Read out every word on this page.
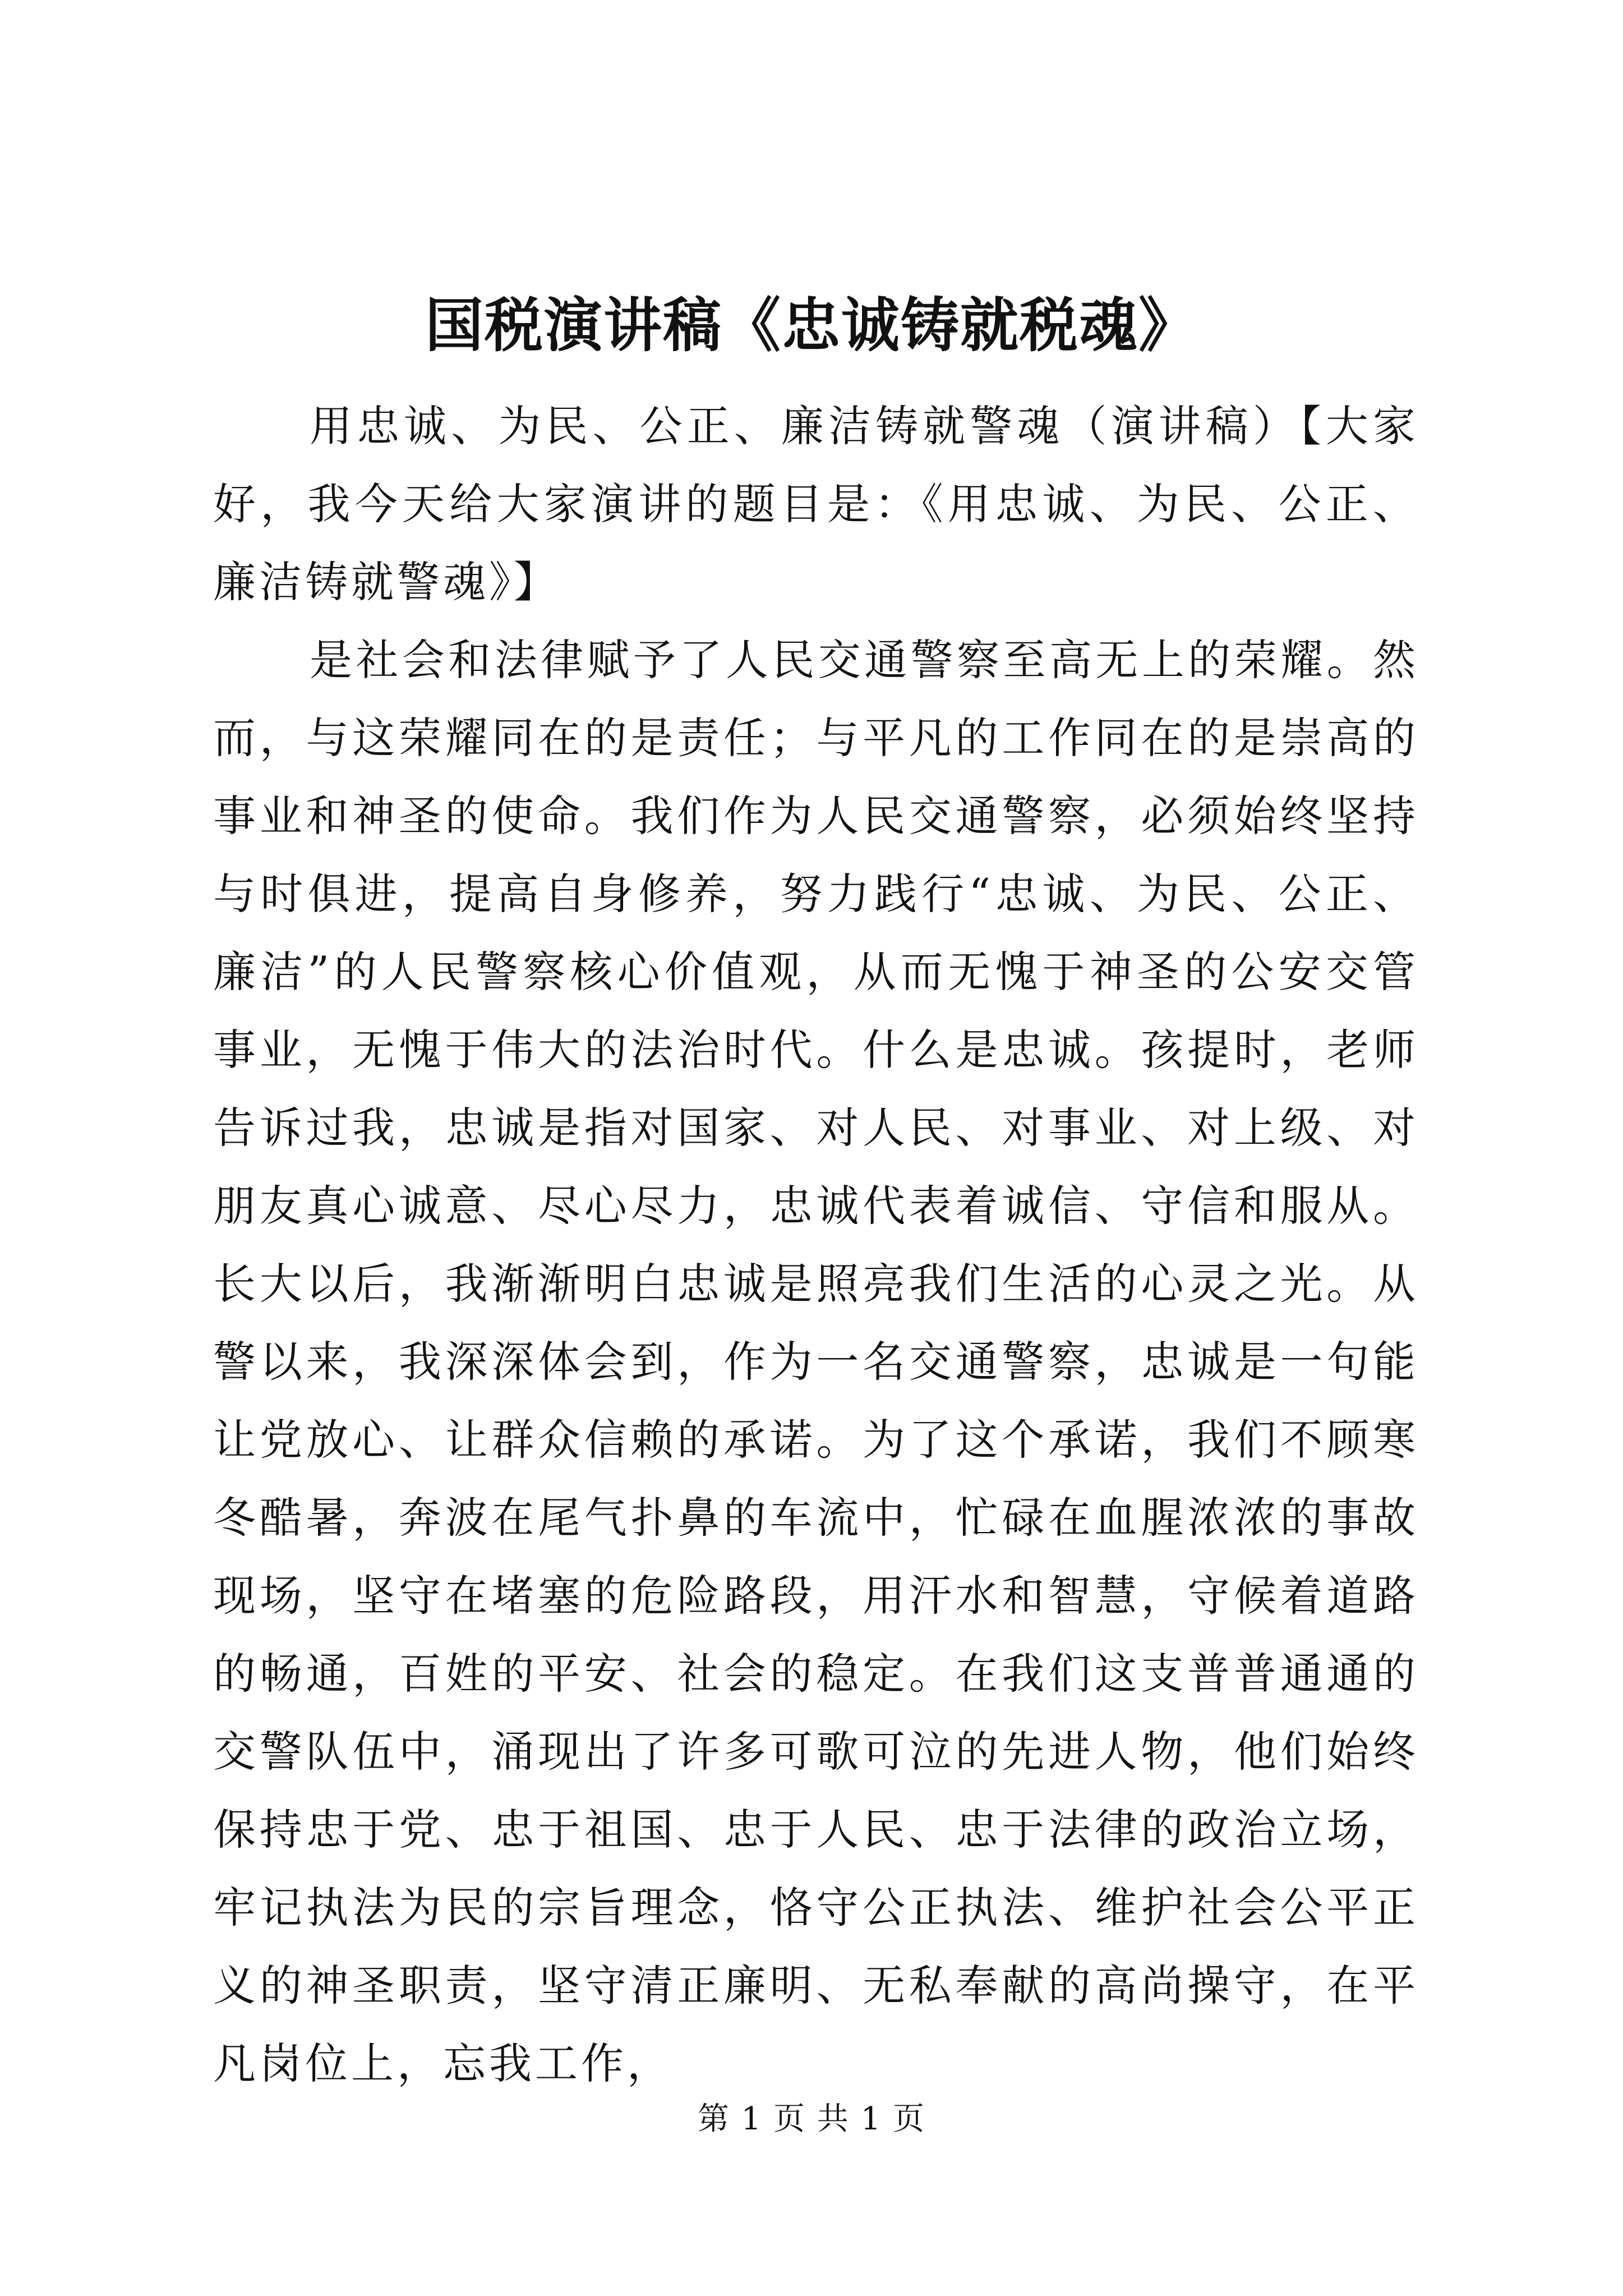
国税演讲稿《忠诚铸就税魂》

用忠诚、为民、公正、廉洁铸就警魂（演讲稿）【大家好，我今天给大家演讲的题目是：《用忠诚、为民、公正、廉洁铸就警魂》】

是社会和法律赋予了人民交通警察至高无上的荣耀。然而，与这荣耀同在的是责任；与平凡的工作同在的是崇高的事业和神圣的使命。我们作为人民交通警察，必须始终坚持与时俱进，提高自身修养，努力践行“忠诚、为民、公正、廉洁”的人民警察核心价值观，从而无愧于神圣的公安交管事业，无愧于伟大的法治时代。什么是忠诚。孩提时，老师告诉过我，忠诚是指对国家、对人民、对事业、对上级、对朋友真心诚意、尽心尽力，忠诚代表着诚信、守信和服从。长大以后，我渐渐明白忠诚是照亮我们生活的心灵之光。从警以来，我深深体会到，作为一名交通警察，忠诚是一句能让党放心、让群众信赖的承诺。为了这个承诺，我们不顾寒冬酷暑，奔波在尾气扑鼻的车流中，忙碌在血腥浓浓的事故现场，坚守在堵塞的危险路段，用汗水和智慧，守候着道路的畅通，百姓的平安、社会的稳定。在我们这支普普通通的交警队伍中，涌现出了许多可歌可泣的先进人物，他们始终保持忠于党、忠于祖国、忠于人民、忠于法律的政治立场，牢记执法为民的宗旨理念，恪守公正执法、维护社会公平正义的神圣职责，坚守清正廉明、无私奉献的高尚操守，在平凡岗位上，忘我工作，

第 1 页 共 1 页
